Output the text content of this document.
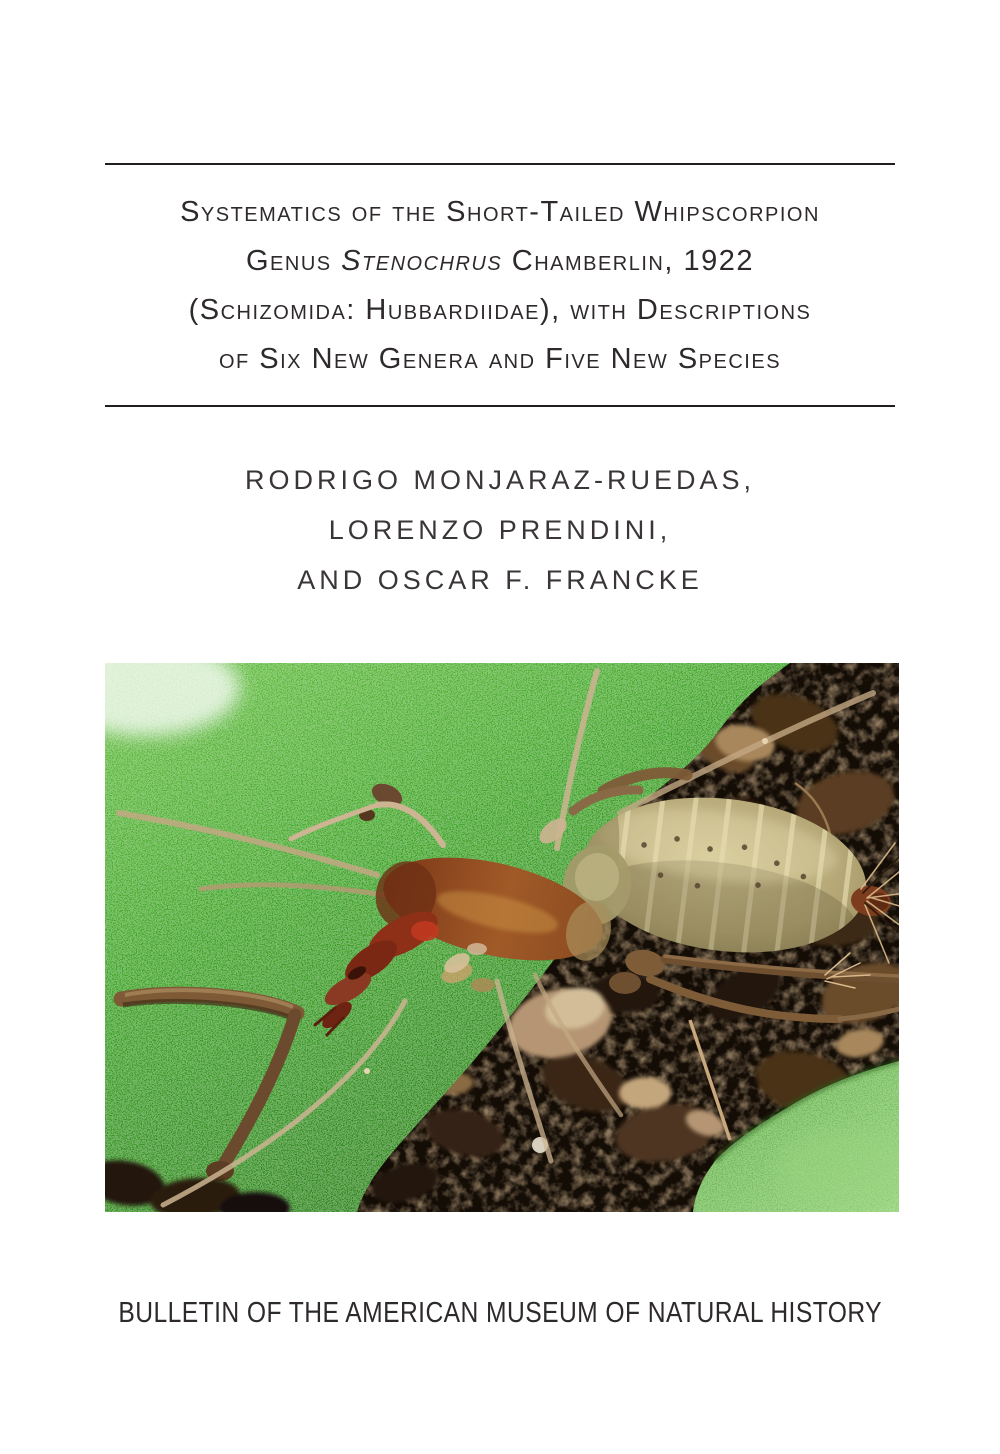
Systematics of the Short-Tailed Whipscorpion
Genus Stenochrus Chamberlin, 1922
(Schizomida: Hubbardiidae), with Descriptions
of Six New Genera and Five New Species
RODRIGO MONJARAZ-RUEDAS,
LORENZO PRENDINI,
AND OSCAR F. FRANCKE
BULLETIN OF THE AMERICAN MUSEUM OF NATURAL HISTORY
